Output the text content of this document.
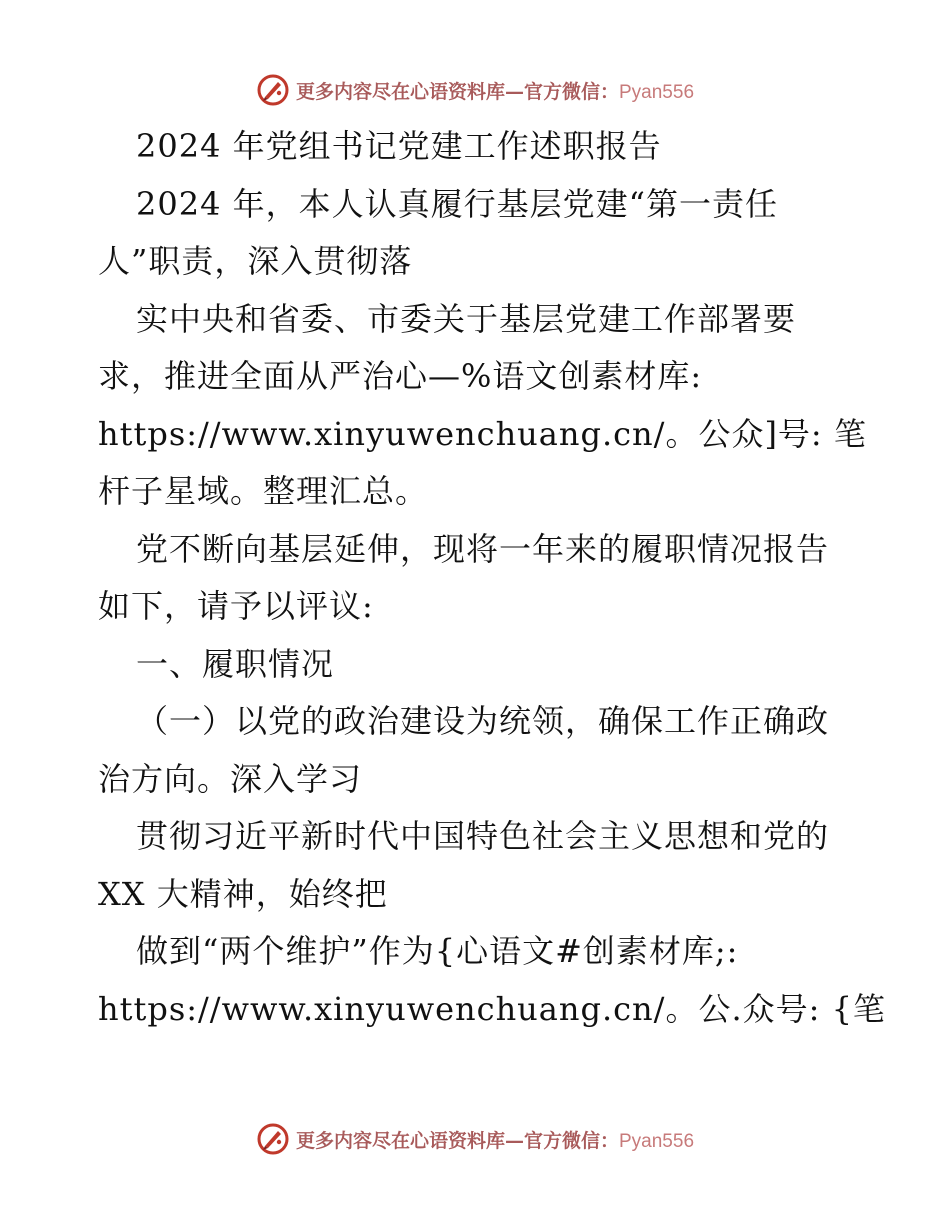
更多内容尽在心语资料库—官方微信：Pyan556
2024 年党组书记党建工作述职报告
2024 年，本人认真履行基层党建“第一责任
人”职责，深入贯彻落
实中央和省委、市委关于基层党建工作部署要
求，推进全面从严治心—%语文创素材库:
https://www.xinyuwenchuang.cn/。公众]号: 笔
杆子星域。整理汇总。
党不断向基层延伸，现将一年来的履职情况报告
如下，请予以评议:
一、履职情况
（一）以党的政治建设为统领，确保工作正确政
治方向。深入学习
贯彻习近平新时代中国特色社会主义思想和党的
XX 大精神，始终把
做到“两个维护”作为{心语文#创素材库;:
https://www.xinyuwenchuang.cn/。公.众号: {笔
更多内容尽在心语资料库—官方微信：Pyan556
